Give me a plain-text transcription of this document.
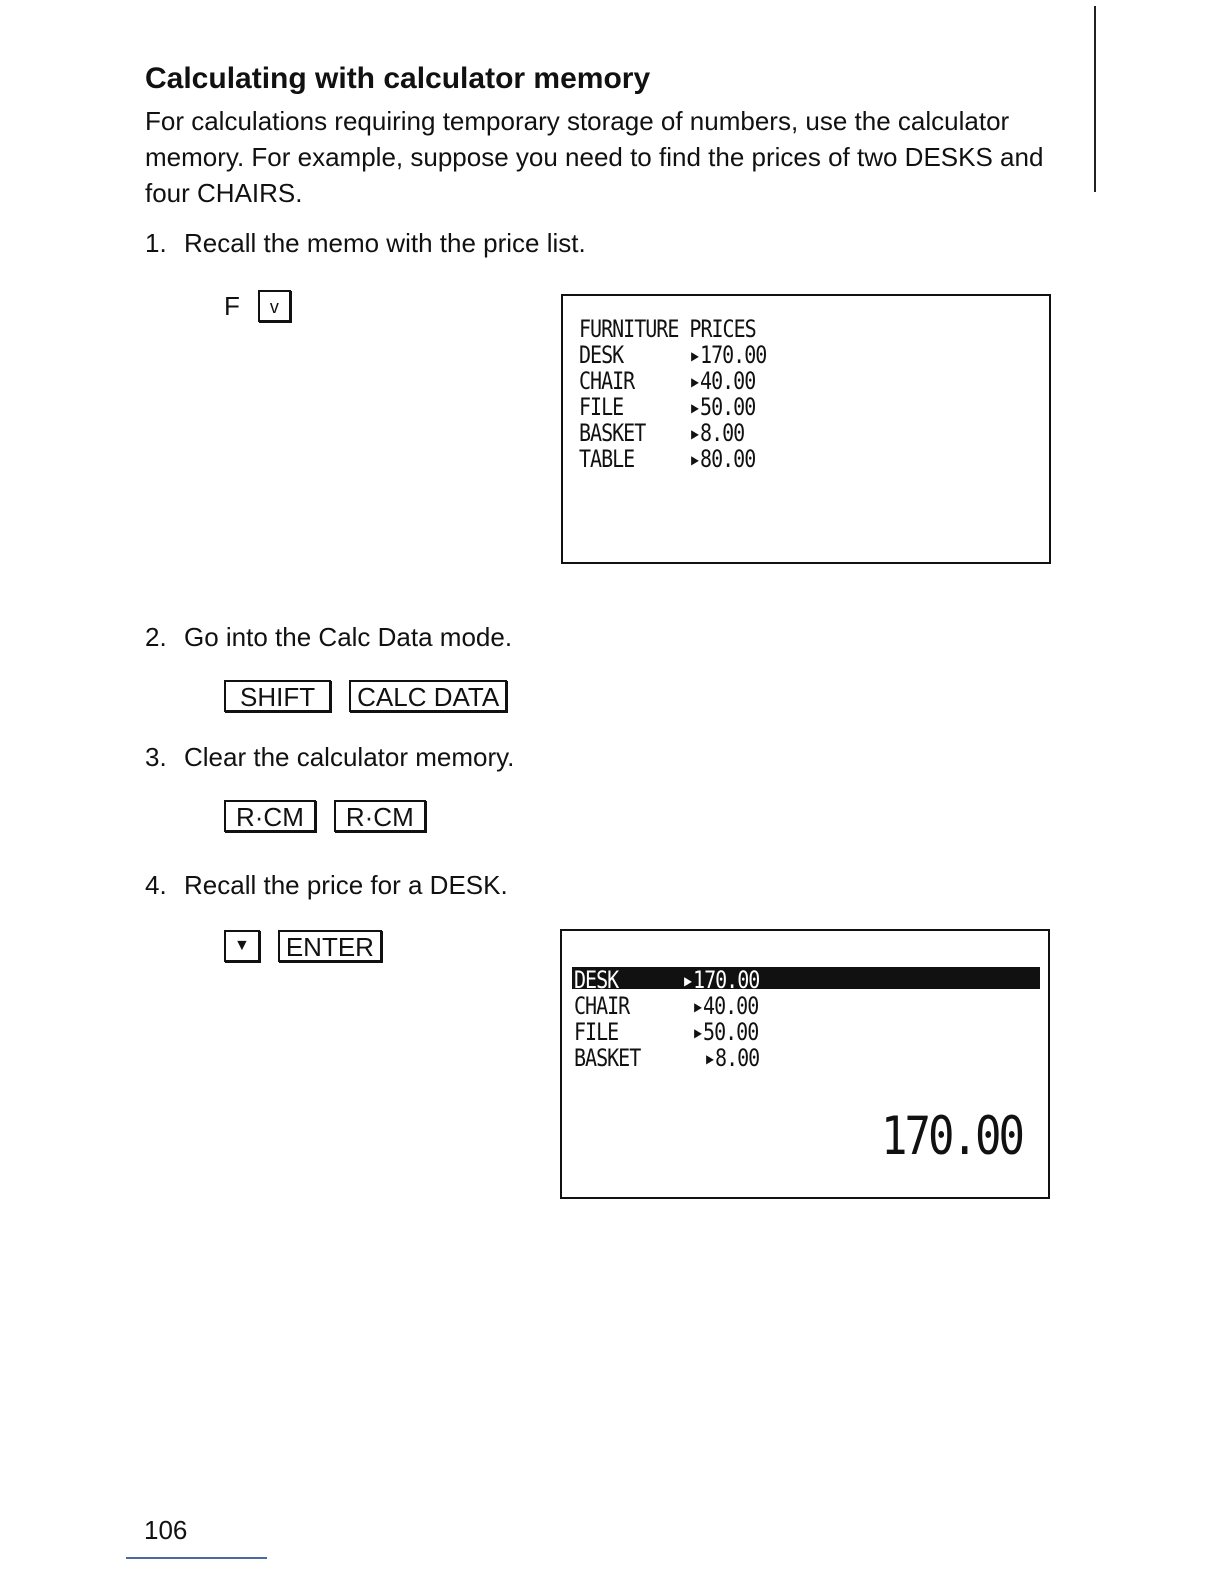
Calculating with calculator memory
For calculations requiring temporary storage of numbers, use the calculator memory. For example, suppose you need to find the prices of two DESKS and four CHAIRS.
1. Recall the memo with the price list.
F	v
FURNITURE PRICES
DESK	▸170.00
CHAIR	▸40.00
FILE	▸50.00
BASKET ▸8.00
TABLE	▸80.00
2. Go into the Calc Data mode.
SHIFT	CALC DATA
3. Clear the calculator memory.
R·CM	R·CM
4. Recall the price for a DESK.
▼	ENTER
DESK	▸170.00
CHAIR	▸40.00
FILE	▸50.00
BASKET	▸8.00
170.00
106
